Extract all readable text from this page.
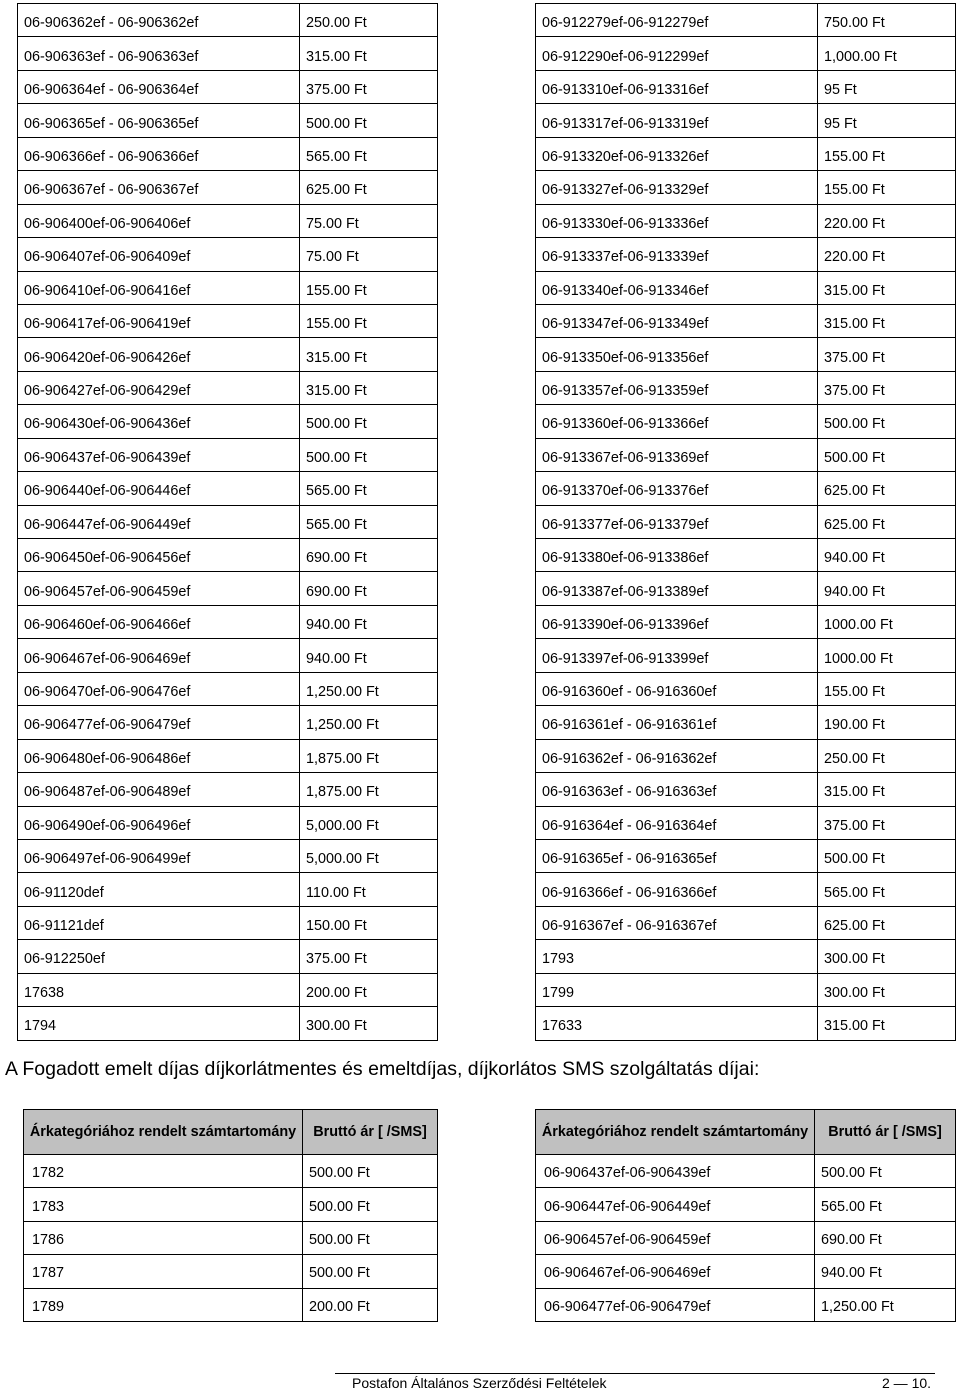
06-906362ef - 06-906362ef	250.00 Ft
06-906363ef - 06-906363ef	315.00 Ft
06-906364ef - 06-906364ef	375.00 Ft
06-906365ef - 06-906365ef	500.00 Ft
06-906366ef - 06-906366ef	565.00 Ft
06-906367ef - 06-906367ef	625.00 Ft
06-906400ef-06-906406ef	75.00 Ft
06-906407ef-06-906409ef	75.00 Ft
06-906410ef-06-906416ef	155.00 Ft
06-906417ef-06-906419ef	155.00 Ft
06-906420ef-06-906426ef	315.00 Ft
06-906427ef-06-906429ef	315.00 Ft
06-906430ef-06-906436ef	500.00 Ft
06-906437ef-06-906439ef	500.00 Ft
06-906440ef-06-906446ef	565.00 Ft
06-906447ef-06-906449ef	565.00 Ft
06-906450ef-06-906456ef	690.00 Ft
06-906457ef-06-906459ef	690.00 Ft
06-906460ef-06-906466ef	940.00 Ft
06-906467ef-06-906469ef	940.00 Ft
06-906470ef-06-906476ef	1,250.00 Ft
06-906477ef-06-906479ef	1,250.00 Ft
06-906480ef-06-906486ef	1,875.00 Ft
06-906487ef-06-906489ef	1,875.00 Ft
06-906490ef-06-906496ef	5,000.00 Ft
06-906497ef-06-906499ef	5,000.00 Ft
06-91120def	110.00 Ft
06-91121def	150.00 Ft
06-912250ef	375.00 Ft
17638	200.00 Ft
1794	300.00 Ft
06-912279ef-06-912279ef	750.00 Ft
06-912290ef-06-912299ef	1,000.00 Ft
06-913310ef-06-913316ef	95 Ft
06-913317ef-06-913319ef	95 Ft
06-913320ef-06-913326ef	155.00 Ft
06-913327ef-06-913329ef	155.00 Ft
06-913330ef-06-913336ef	220.00 Ft
06-913337ef-06-913339ef	220.00 Ft
06-913340ef-06-913346ef	315.00 Ft
06-913347ef-06-913349ef	315.00 Ft
06-913350ef-06-913356ef	375.00 Ft
06-913357ef-06-913359ef	375.00 Ft
06-913360ef-06-913366ef	500.00 Ft
06-913367ef-06-913369ef	500.00 Ft
06-913370ef-06-913376ef	625.00 Ft
06-913377ef-06-913379ef	625.00 Ft
06-913380ef-06-913386ef	940.00 Ft
06-913387ef-06-913389ef	940.00 Ft
06-913390ef-06-913396ef	1000.00 Ft
06-913397ef-06-913399ef	1000.00 Ft
06-916360ef - 06-916360ef	155.00 Ft
06-916361ef - 06-916361ef	190.00 Ft
06-916362ef - 06-916362ef	250.00 Ft
06-916363ef - 06-916363ef	315.00 Ft
06-916364ef - 06-916364ef	375.00 Ft
06-916365ef - 06-916365ef	500.00 Ft
06-916366ef - 06-916366ef	565.00 Ft
06-916367ef - 06-916367ef	625.00 Ft
1793	300.00 Ft
1799	300.00 Ft
17633	315.00 Ft
A Fogadott emelt díjas díjkorlátmentes és emeltdíjas, díjkorlátos SMS szolgáltatás díjai:
Árkategóriához rendelt számtartomány	Bruttó ár [ /SMS]
1782	500.00 Ft
1783	500.00 Ft
1786	500.00 Ft
1787	500.00 Ft
1789	200.00 Ft
Árkategóriához rendelt számtartomány	Bruttó ár [ /SMS]
06-906437ef-06-906439ef	500.00 Ft
06-906447ef-06-906449ef	565.00 Ft
06-906457ef-06-906459ef	690.00 Ft
06-906467ef-06-906469ef	940.00 Ft
06-906477ef-06-906479ef	1,250.00 Ft
Postafon Általános Szerződési Feltételek	2 — 10.
